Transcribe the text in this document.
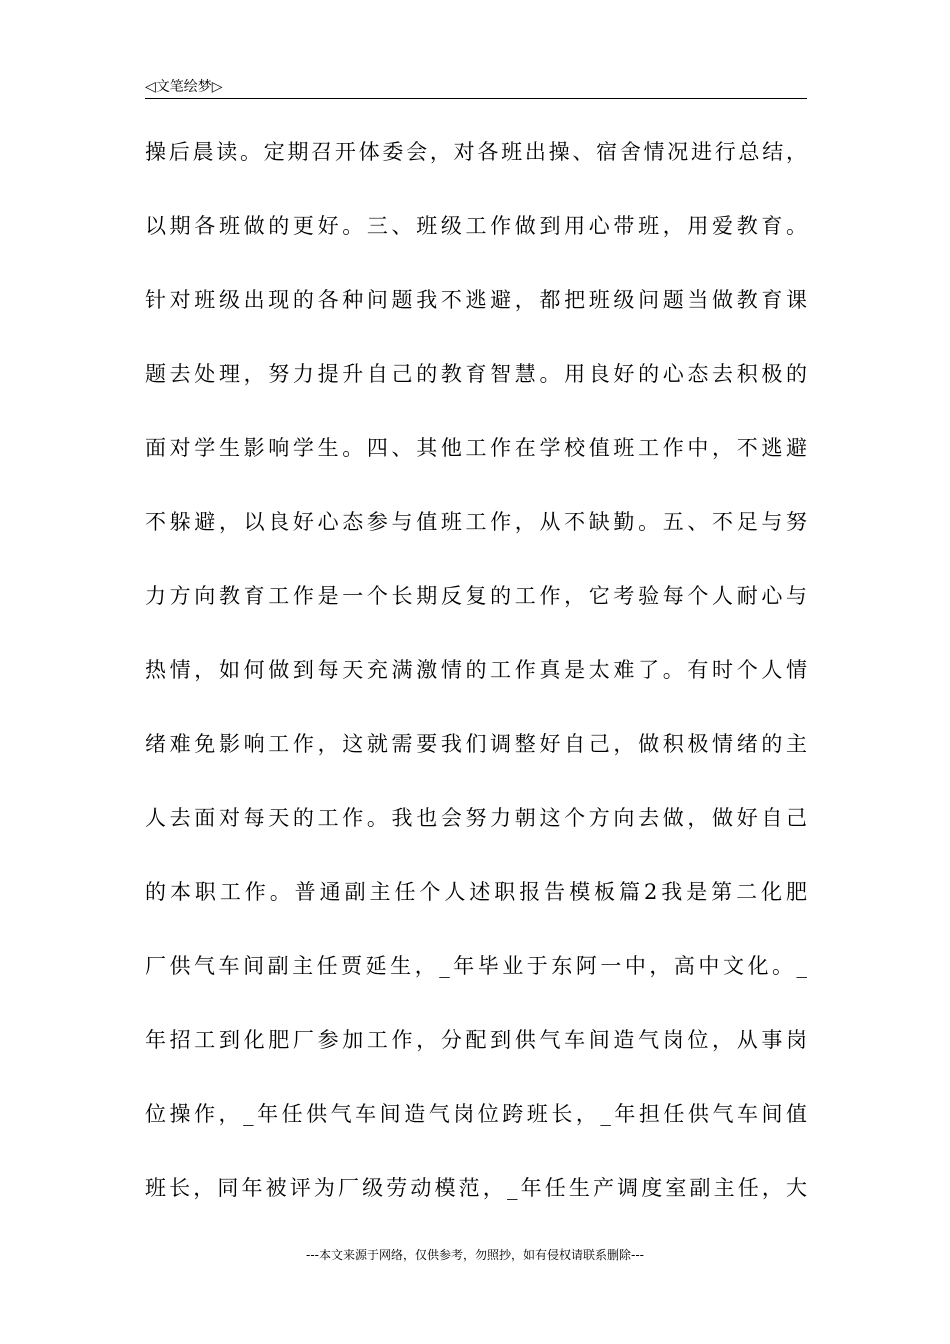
◁文笔绘梦▷
操后晨读。定期召开体委会，对各班出操、宿舍情况进行总结，
以期各班做的更好。三、班级工作做到用心带班，用爱教育。
针对班级出现的各种问题我不逃避，都把班级问题当做教育课
题去处理，努力提升自己的教育智慧。用良好的心态去积极的
面对学生影响学生。四、其他工作在学校值班工作中，不逃避
不躲避，以良好心态参与值班工作，从不缺勤。五、不足与努
力方向教育工作是一个长期反复的工作，它考验每个人耐心与
热情，如何做到每天充满激情的工作真是太难了。有时个人情
绪难免影响工作，这就需要我们调整好自己，做积极情绪的主
人去面对每天的工作。我也会努力朝这个方向去做，做好自己
的本职工作。普通副主任个人述职报告模板篇2我是第二化肥
厂供气车间副主任贾延生，_年毕业于东阿一中，高中文化。_
年招工到化肥厂参加工作，分配到供气车间造气岗位，从事岗
位操作，_年任供气车间造气岗位跨班长，_年担任供气车间值
班长，同年被评为厂级劳动模范，_年任生产调度室副主任，大
---本文来源于网络，仅供参考，勿照抄，如有侵权请联系删除---
